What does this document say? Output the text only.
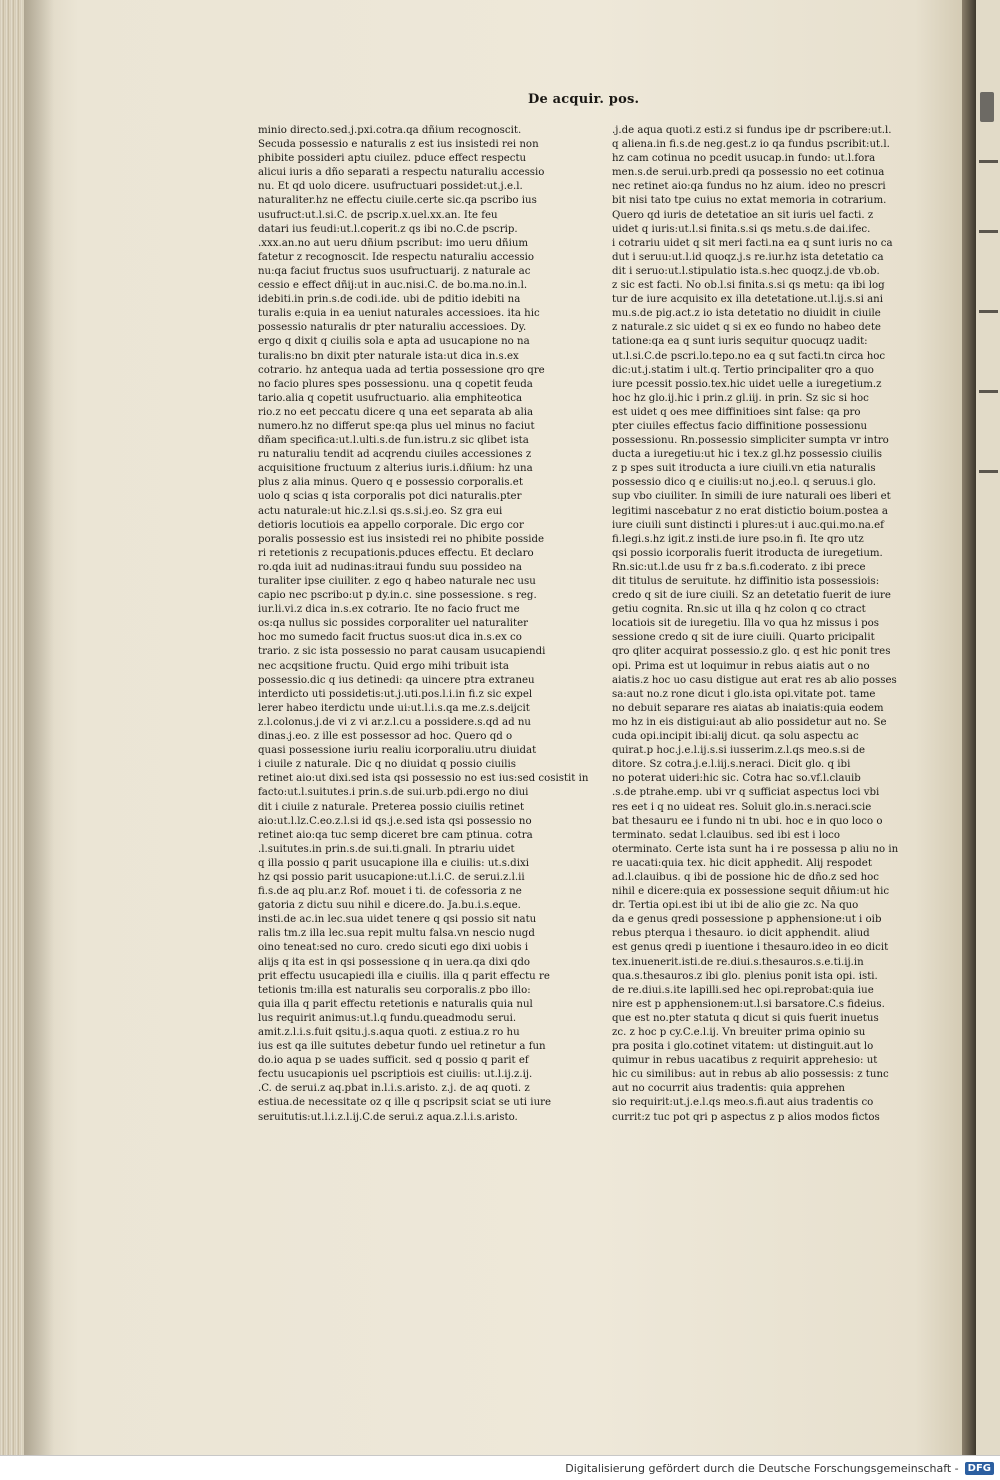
De acquir. pos.
minio directo.sed.j.pxi.cotra.qa dñium recognoscit.
Secuda possessio e naturalis z est ius insistedi rei non
phibite possideri aptu ciuilez. pduce effect respectu
alicui iuris a dño separati a respectu naturaliu accessio
nu. Et qd uolo dicere. usufructuari possidet:ut.j.e.l.
naturaliter.hz ne effectu ciuile.certe sic.qa pscribo ius
usufruct:ut.l.si.C. de pscrip.x.uel.xx.an. Ite feu
datari ius feudi:ut.l.coperit.z qs ibi no.C.de pscrip.
.xxx.an.no aut ueru dñium pscribut: imo ueru dñium
fatetur z recognoscit. Ide respectu naturaliu accessio
nu:qa faciut fructus suos usufructuarij. z naturale ac
cessio e effect dñij:ut in auc.nisi.C. de bo.ma.no.in.l.
idebiti.in prin.s.de codi.ide. ubi de pditio idebiti na
turalis e:quia in ea ueniut naturales accessioes. ita hic
possessio naturalis dr pter naturaliu accessioes. Dy.
ergo q dixit q ciuilis sola e apta ad usucapione no na
turalis:no bn dixit pter naturale ista:ut dica in.s.ex
cotrario. hz antequa uada ad tertia possessione qro qre
no facio plures spes possessionu. una q copetit feuda
tario.alia q copetit usufructuario. alia emphiteotica
rio.z no eet peccatu dicere q una eet separata ab alia
numero.hz no differut spe:qa plus uel minus no faciut
dñam specifica:ut.l.ulti.s.de fun.istru.z sic qlibet ista
ru naturaliu tendit ad acqrendu ciuiles accessiones z
acquisitione fructuum z alterius iuris.i.dñium: hz una
plus z alia minus. Quero q e possessio corporalis.et
uolo q scias q ista corporalis pot dici naturalis.pter
actu naturale:ut hic.z.l.si qs.s.si.j.eo. Sz gra eui
detioris locutiois ea appello corporale. Dic ergo cor
poralis possessio est ius insistedi rei no phibite posside
ri retetionis z recupationis.pduces effectu. Et declaro
ro.qda iuit ad nudinas:itraui fundu suu possideo na
turaliter ipse ciuiliter. z ego q habeo naturale nec usu
capio nec pscribo:ut p dy.in.c. sine possessione. s reg.
iur.li.vi.z dica in.s.ex cotrario. Ite no facio fruct me
os:qa nullus sic possides corporaliter uel naturaliter
hoc mo sumedo facit fructus suos:ut dica in.s.ex co
trario. z sic ista possessio no parat causam usucapiendi
nec acqsitione fructu. Quid ergo mihi tribuit ista
possessio.dic q ius detinedi: qa uincere ptra extraneu
interdicto uti possidetis:ut.j.uti.pos.l.i.in fi.z sic expel
lerer habeo iterdictu unde ui:ut.l.i.s.qa me.z.s.deijcit
z.l.colonus.j.de vi z vi ar.z.l.cu a possidere.s.qd ad nu
dinas.j.eo. z ille est possessor ad hoc. Quero qd o
quasi possessione iuriu realiu icorporaliu.utru diuidat
i ciuile z naturale. Dic q no diuidat q possio ciuilis
retinet aio:ut dixi.sed ista qsi possessio no est ius:sed cosistit in
facto:ut.l.suitutes.i prin.s.de sui.urb.pdi.ergo no diui
dit i ciuile z naturale. Preterea possio ciuilis retinet
aio:ut.l.lz.C.eo.z.l.si id qs.j.e.sed ista qsi possessio no
retinet aio:qa tuc semp diceret bre cam ptinua. cotra
.l.suitutes.in prin.s.de sui.ti.gnali. In ptrariu uidet
q illa possio q parit usucapione illa e ciuilis: ut.s.dixi
hz qsi possio parit usucapione:ut.l.i.C. de serui.z.l.ii
fi.s.de aq plu.ar.z Rof. mouet i ti. de cofessoria z ne
gatoria z dictu suu nihil e dicere.do. Ja.bu.i.s.eque.
insti.de ac.in lec.sua uidet tenere q qsi possio sit natu
ralis tm.z illa lec.sua repit multu falsa.vn nescio nugd
oino teneat:sed no curo. credo sicuti ego dixi uobis i
alijs q ita est in qsi possessione q in uera.qa dixi qdo
prit effectu usucapiedi illa e ciuilis. illa q parit effectu re
tetionis tm:illa est naturalis seu corporalis.z pbo illo:
quia illa q parit effectu retetionis e naturalis quia nul
lus requirit animus:ut.l.q fundu.queadmodu serui.
amit.z.l.i.s.fuit qsitu.j.s.aqua quoti. z estiua.z ro hu
ius est qa ille suitutes debetur fundo uel retinetur a fun
do.io aqua p se uades sufficit. sed q possio q parit ef
fectu usucapionis uel pscriptiois est ciuilis: ut.l.ij.z.ij.
.C. de serui.z aq.pbat in.l.i.s.aristo. z.j. de aq quoti. z
estiua.de necessitate oz q ille q pscripsit sciat se uti iure
seruitutis:ut.l.i.z.l.ij.C.de serui.z aqua.z.l.i.s.aristo.
.j.de aqua quoti.z esti.z si fundus ipe dr pscribere:ut.l.
q aliena.in fi.s.de neg.gest.z io qa fundus pscribit:ut.l.
hz cam cotinua no pcedit usucap.in fundo: ut.l.fora
men.s.de serui.urb.predi qa possessio no eet cotinua
nec retinet aio:qa fundus no hz aium. ideo no prescri
bit nisi tato tpe cuius no extat memoria in cotrarium.
Quero qd iuris de detetatioe an sit iuris uel facti. z
uidet q iuris:ut.l.si finita.s.si qs metu.s.de dai.ifec.
i cotrariu uidet q sit meri facti.na ea q sunt iuris no ca
dut i seruu:ut.l.id quoqz.j.s re.iur.hz ista detetatio ca
dit i seruo:ut.l.stipulatio ista.s.hec quoqz.j.de vb.ob.
z sic est facti. No ob.l.si finita.s.si qs metu: qa ibi log
tur de iure acquisito ex illa detetatione.ut.l.ij.s.si ani
mu.s.de pig.act.z io ista detetatio no diuidit in ciuile
z naturale.z sic uidet q si ex eo fundo no habeo dete
tatione:qa ea q sunt iuris sequitur quocuqz uadit:
ut.l.si.C.de pscri.lo.tepo.no ea q sut facti.tn circa hoc
dic:ut.j.statim i ult.q. Tertio principaliter qro a quo
iure pcessit possio.tex.hic uidet uelle a iuregetium.z
hoc hz glo.ij.hic i prin.z gl.iij. in prin. Sz sic si hoc
est uidet q oes mee diffinitioes sint false: qa pro
pter ciuiles effectus facio diffinitione possessionu
possessionu. Rn.possessio simpliciter sumpta vr intro
ducta a iuregetiu:ut hic i tex.z gl.hz possessio ciuilis
z p spes suit itroducta a iure ciuili.vn etia naturalis
possessio dico q e ciuilis:ut no.j.eo.l. q seruus.i glo.
sup vbo ciuiliter. In simili de iure naturali oes liberi et
legitimi nascebatur z no erat distictio boium.postea a
iure ciuili sunt distincti i plures:ut i auc.qui.mo.na.ef
fi.legi.s.hz igit.z insti.de iure pso.in fi. Ite qro utz
qsi possio icorporalis fuerit itroducta de iuregetium.
Rn.sic:ut.l.de usu fr z ba.s.fi.coderato. z ibi prece
dit titulus de seruitute. hz diffinitio ista possessiois:
credo q sit de iure ciuili. Sz an detetatio fuerit de iure
getiu cognita. Rn.sic ut illa q hz colon q co ctract
locatiois sit de iuregetiu. Illa vo qua hz missus i pos
sessione credo q sit de iure ciuili. Quarto pricipalit
qro qliter acquirat possessio.z glo. q est hic ponit tres
opi. Prima est ut loquimur in rebus aiatis aut o no
aiatis.z hoc uo casu distigue aut erat res ab alio posses
sa:aut no.z rone dicut i glo.ista opi.vitate pot. tame
no debuit separare res aiatas ab inaiatis:quia eodem
mo hz in eis distigui:aut ab alio possidetur aut no. Se
cuda opi.incipit ibi:alij dicut. qa solu aspectu ac
quirat.p hoc.j.e.l.ij.s.si iusserim.z.l.qs meo.s.si de
ditore. Sz cotra.j.e.l.iij.s.neraci. Dicit glo. q ibi
no poterat uideri:hic sic. Cotra hac so.vf.l.clauib
.s.de ptrahe.emp. ubi vr q sufficiat aspectus loci vbi
res eet i q no uideat res. Soluit glo.in.s.neraci.scie
bat thesauru ee i fundo ni tn ubi. hoc e in quo loco o
terminato. sedat l.clauibus. sed ibi est i loco
oterminato. Certe ista sunt ha i re possessa p aliu no in
re uacati:quia tex. hic dicit apphedit. Alij respodet
ad.l.clauibus. q ibi de possione hic de dño.z sed hoc
nihil e dicere:quia ex possessione sequit dñium:ut hic
dr. Tertia opi.est ibi ut ibi de alio gie zc. Na quo
da e genus qredi possessione p apphensione:ut i oib
rebus pterqua i thesauro. io dicit apphendit. aliud
est genus qredi p iuentione i thesauro.ideo in eo dicit
tex.inuenerit.isti.de re.diui.s.thesauros.s.e.ti.ij.in
qua.s.thesauros.z ibi glo. plenius ponit ista opi. isti.
de re.diui.s.ite lapilli.sed hec opi.reprobat:quia iue
nire est p apphensionem:ut.l.si barsatore.C.s fideius.
que est no.pter statuta q dicut si quis fuerit inuetus
zc. z hoc p cy.C.e.l.ij. Vn breuiter prima opinio su
pra posita i glo.cotinet vitatem: ut distinguit.aut lo
quimur in rebus uacatibus z requirit apprehesio: ut
hic cu similibus: aut in rebus ab alio possessis: z tunc
aut no cocurrit aius tradentis: quia apprehen
sio requirit:ut.j.e.l.qs meo.s.fi.aut aius tradentis co
currit:z tuc pot qri p aspectus z p alios modos fictos
Digitalisierung gefördert durch die Deutsche Forschungsgemeinschaft - DFG
